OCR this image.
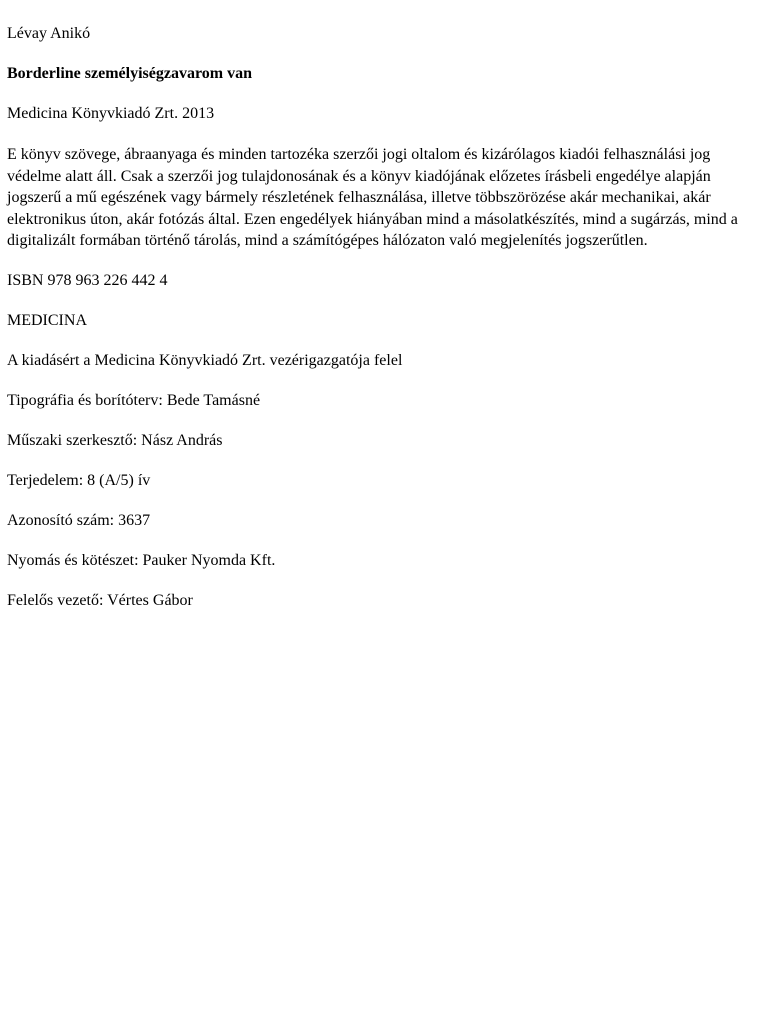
Lévay Anikó

Borderline személyiségzavarom van

Medicina Könyvkiadó Zrt. 2013

E könyv szövege, ábraanyaga és minden tartozéka szerzői jogi oltalom és kizárólagos kiadói felhasználási jog védelme alatt áll. Csak a szerzői jog tulajdonosának és a könyv kiadójának előzetes írásbeli engedélye alapján jogszerű a mű egészének vagy bármely részletének felhasználása, illetve többszörözése akár mechanikai, akár elektronikus úton, akár fotózás által. Ezen engedélyek hiányában mind a másolatkészítés, mind a sugárzás, mind a digitalizált formában történő tárolás, mind a számítógépes hálózaton való megjelenítés jogszerűtlen.

ISBN 978 963 226 442 4

MEDICINA

A kiadásért a Medicina Könyvkiadó Zrt. vezérigazgatója felel

Tipográfia és borítóterv: Bede Tamásné

Műszaki szerkesztő: Nász András

Terjedelem: 8 (A/5) ív

Azonosító szám: 3637

Nyomás és kötészet: Pauker Nyomda Kft.

Felelős vezető: Vértes Gábor
